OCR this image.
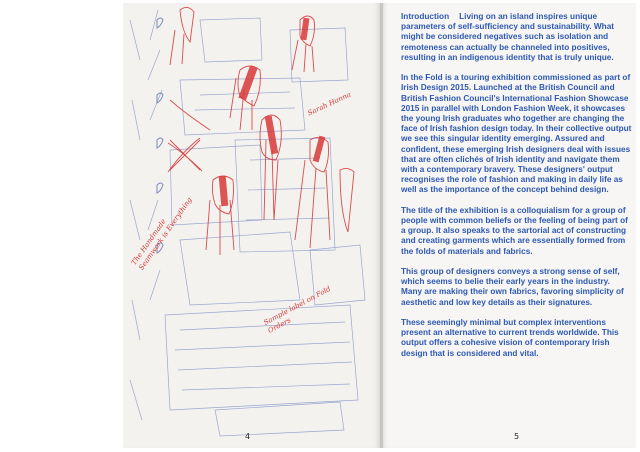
Sarah Hanna
The Handmade Seamwork is Everything
Sample label on Fold Orders
4	5

Introduction Living on an island inspires unique parameters of self-sufficiency and sustainability. What might be considered negatives such as isolation and remoteness can actually be channeled into positives, resulting in an indigenous identity that is truly unique.

In the Fold is a touring exhibition commissioned as part of Irish Design 2015. Launched at the British Council and British Fashion Council's International Fashion Showcase 2015 in parallel with London Fashion Week, it showcases the young Irish graduates who together are changing the face of Irish fashion design today. In their collective output we see this singular identity emerging. Assured and confident, these emerging Irish designers deal with issues that are often clichés of Irish identity and navigate them with a contemporary bravery. These designers' output recognises the role of fashion and making in daily life as well as the importance of the concept behind design.

The title of the exhibition is a colloquialism for a group of people with common beliefs or the feeling of being part of a group. It also speaks to the sartorial act of constructing and creating garments which are essentially formed from the folds of materials and fabrics.

This group of designers conveys a strong sense of self, which seems to belie their early years in the industry. Many are making their own fabrics, favoring simplicity of aesthetic and low key details as their signatures.

These seemingly minimal but complex interventions present an alternative to current trends worldwide. This output offers a cohesive vision of contemporary Irish design that is considered and vital.
